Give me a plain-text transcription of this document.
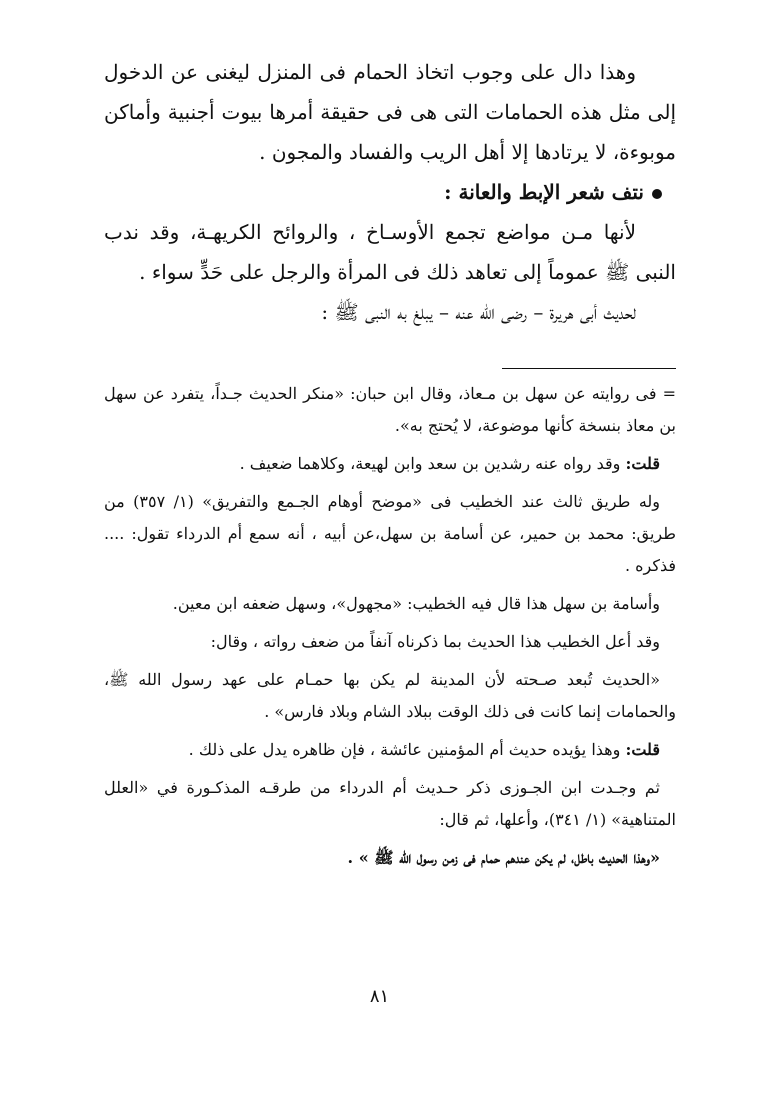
وهذا دال على وجوب اتخاذ الحمام فى المنزل ليغنى عن الدخول إلى مثل هذه الحمامات التى هى فى حقيقة أمرها بيوت أجنبية وأماكن موبوءة، لا يرتادها إلا أهل الريب والفساد والمجون .

نتف شعر الإبط والعانة :

لأنها مـن مواضع تجمع الأوسـاخ ، والروائح الكريهـة، وقد ندب النبى ﷺ عموماً إلى تعاهد ذلك فى المرأة والرجل على حَدٍّ سواء .

لحديث أبى هريرة – رضى الله عنه – يبلغ به النبى ﷺ :

= فى روايته عن سهل بن مـعاذ، وقال ابن حبان: «منكر الحديث جـداً، يتفرد عن سهل بن معاذ بنسخة كأنها موضوعة، لا يُحتج به».

قلت: وقد رواه عنه رشدين بن سعد وابن لهيعة، وكلاهما ضعيف .

وله طريق ثالث عند الخطيب فى «موضح أوهام الجـمع والتفريق» (١/ ٣٥٧) من طريق: محمد بن حمير، عن أسامة بن سهل،عن أبيه ، أنه سمع أم الدرداء تقول: .... فذكره .

وأسامة بن سهل هذا قال فيه الخطيب: «مجهول»، وسهل ضعفه ابن معين.

وقد أعل الخطيب هذا الحديث بما ذكرناه آنفاً من ضعف رواته ، وقال:

«الحديث تُبعد صـحته لأن المدينة لم يكن بها حمـام على عهد رسول الله ﷺ، والحمامات إنما كانت فى ذلك الوقت ببلاد الشام وبلاد فارس» .

قلت: وهذا يؤيده حديث أم المؤمنين عائشة ، فإن ظاهره يدل على ذلك .

ثم وجـدت ابن الجـوزى ذكر حـديث أم الدرداء من طرقـه المذكـورة في «العلل المتناهية» (١/ ٣٤١)، وأعلها، ثم قال:

«وهذا الحديث باطل، لم يكن عندهم حمام فى زمن رسول الله ﷺ » .

٨١
